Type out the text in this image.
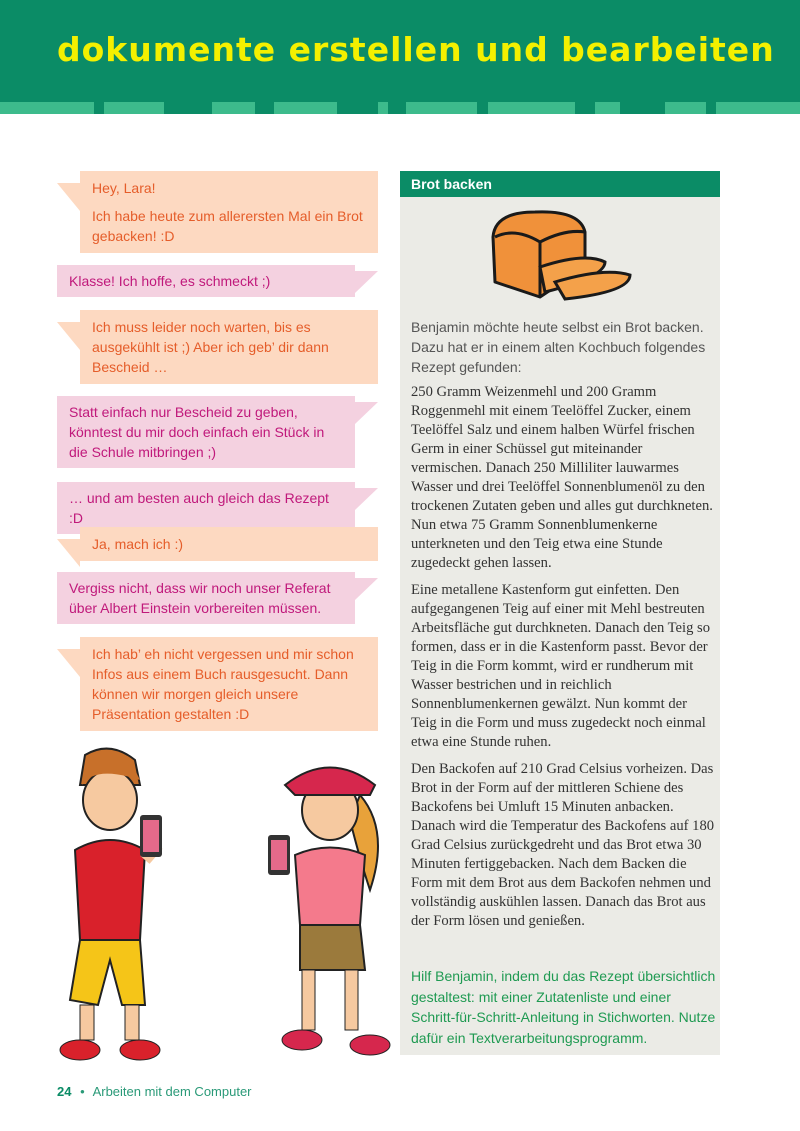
dokumente erstellen und bearbeiten

Hey, Lara!

Ich habe heute zum allerersten Mal ein Brot gebacken! :D

Klasse! Ich hoffe, es schmeckt ;)

Ich muss leider noch warten, bis es ausgekühlt ist ;) Aber ich geb’ dir dann Bescheid …

Statt einfach nur Bescheid zu geben, könntest du mir doch einfach ein Stück in die Schule mitbringen ;)

… und am besten auch gleich das Rezept :D

Ja, mach ich :)

Vergiss nicht, dass wir noch unser Referat über Albert Einstein vorbereiten müssen.

Ich hab’ eh nicht vergessen und mir schon Infos aus einem Buch rausgesucht. Dann können wir morgen gleich unsere Präsentation gestalten :D

Brot backen
Benjamin möchte heute selbst ein Brot backen. Dazu hat er in einem alten Kochbuch folgendes Rezept gefunden:

250 Gramm Weizenmehl und 200 Gramm Roggenmehl mit einem Teelöffel Zucker, einem Teelöffel Salz und einem halben Würfel frischen Germ in einer Schüssel gut miteinander vermischen. Danach 250 Milliliter lauwarmes Wasser und drei Teelöffel Sonnenblumenöl zu den trockenen Zutaten geben und alles gut durchkneten. Nun etwa 75 Gramm Sonnenblumenkerne unterkneten und den Teig etwa eine Stunde zugedeckt gehen lassen.

Eine metallene Kastenform gut einfetten. Den aufgegangenen Teig auf einer mit Mehl bestreuten Arbeitsfläche gut durchkneten. Danach den Teig so formen, dass er in die Kastenform passt. Bevor der Teig in die Form kommt, wird er rundherum mit Wasser bestrichen und in reichlich Sonnenblumenkernen gewälzt. Nun kommt der Teig in die Form und muss zugedeckt noch einmal etwa eine Stunde ruhen.

Den Backofen auf 210 Grad Celsius vorheizen. Das Brot in der Form auf der mittleren Schiene des Backofens bei Umluft 15 Minuten anbacken. Danach wird die Temperatur des Backofens auf 180 Grad Celsius zurückgedreht und das Brot etwa 30 Minuten fertiggebacken. Nach dem Backen die Form mit dem Brot aus dem Backofen nehmen und vollständig auskühlen lassen. Danach das Brot aus der Form lösen und genießen.

Hilf Benjamin, indem du das Rezept übersichtlich gestaltest: mit einer Zutatenliste und einer Schritt-für-Schritt-Anleitung in Stichworten. Nutze dafür ein Textverarbeitungsprogramm.
24 • Arbeiten mit dem Computer
